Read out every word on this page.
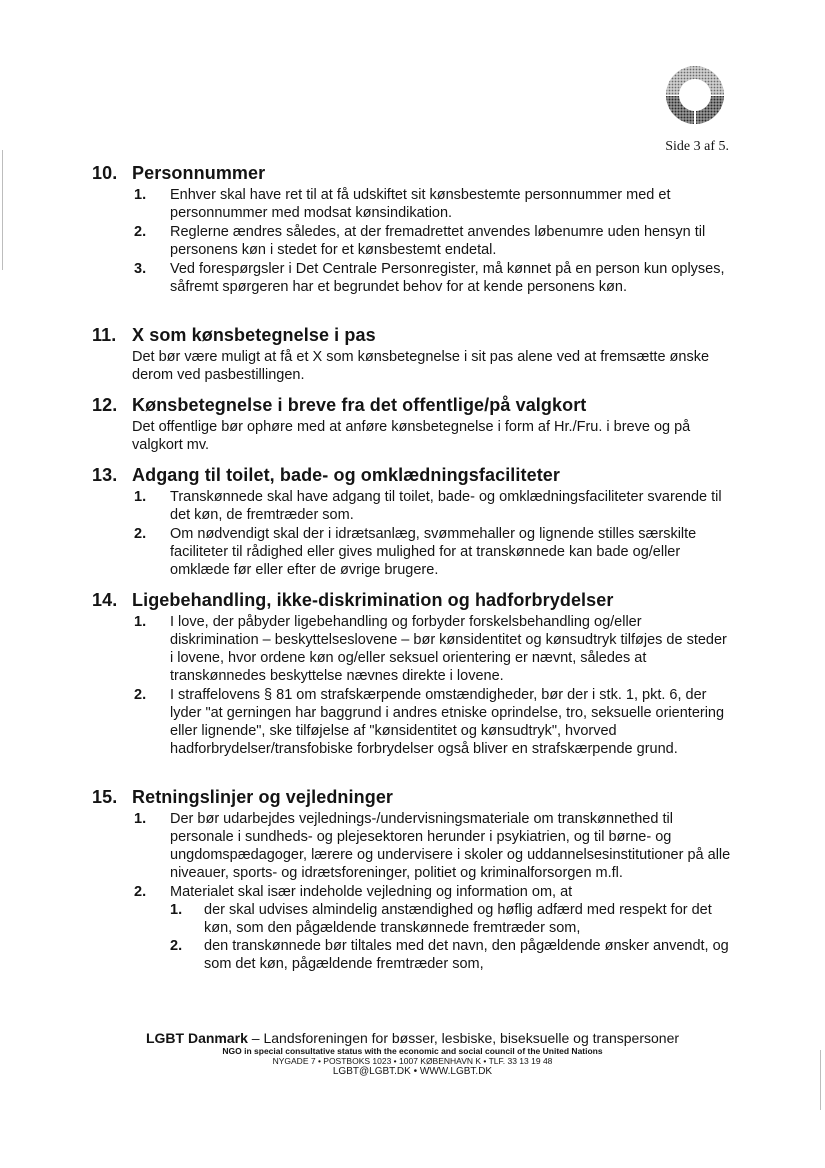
Side 3 af 5.
10. Personnummer
1. Enhver skal have ret til at få udskiftet sit kønsbestemte personnummer med et personnummer med modsat kønsindikation.
2. Reglerne ændres således, at der fremadrettet anvendes løbenumre uden hensyn til personens køn i stedet for et kønsbestemt endetal.
3. Ved forespørgsler i Det Centrale Personregister, må kønnet på en person kun oplyses, såfremt spørgeren har et begrundet behov for at kende personens køn.
11. X som kønsbetegnelse i pas

Det bør være muligt at få et X som kønsbetegnelse i sit pas alene ved at fremsætte ønske derom ved pasbestillingen.

12. Kønsbetegnelse i breve fra det offentlige/på valgkort

Det offentlige bør ophøre med at anføre kønsbetegnelse i form af Hr./Fru. i breve og på valgkort mv.

13. Adgang til toilet, bade- og omklædningsfaciliteter
1. Transkønnede skal have adgang til toilet, bade- og omklædningsfaciliteter svarende til det køn, de fremtræder som.
2. Om nødvendigt skal der i idrætsanlæg, svømmehaller og lignende stilles særskilte faciliteter til rådighed eller gives mulighed for at transkønnede kan bade og/eller omklæde før eller efter de øvrige brugere.
14. Ligebehandling, ikke-diskrimination og hadforbrydelser
1. I love, der påbyder ligebehandling og forbyder forskelsbehandling og/eller diskrimination – beskyttelseslovene – bør kønsidentitet og kønsudtryk tilføjes de steder i lovene, hvor ordene køn og/eller seksuel orientering er nævnt, således at transkønnedes beskyttelse nævnes direkte i lovene.
2. I straffelovens § 81 om strafskærpende omstændigheder, bør der i stk. 1, pkt. 6, der lyder "at gerningen har baggrund i andres etniske oprindelse, tro, seksuelle orientering eller lignende", ske tilføjelse af "kønsidentitet og kønsudtryk", hvorved hadforbrydelser/transfobiske forbrydelser også bliver en strafskærpende grund.
15. Retningslinjer og vejledninger
1. Der bør udarbejdes vejlednings-/undervisningsmateriale om transkønnethed til personale i sundheds- og plejesektoren herunder i psykiatrien, og til børne- og ungdomspædagoger, lærere og undervisere i skoler og uddannelsesinstitutioner på alle niveauer, sports- og idrætsforeninger, politiet og kriminalforsorgen m.fl.
2. Materialet skal især indeholde vejledning og information om, at
1. der skal udvises almindelig anstændighed og høflig adfærd med respekt for det køn, som den pågældende transkønnede fremtræder som,
2. den transkønnede bør tiltales med det navn, den pågældende ønsker anvendt, og som det køn, pågældende fremtræder som,
LGBT Danmark – Landsforeningen for bøsser, lesbiske, biseksuelle og transpersoner
NGO in special consultative status with the economic and social council of the United Nations
NYGADE 7 • POSTBOKS 1023 • 1007 KØBENHAVN K • TLF. 33 13 19 48
LGBT@LGBT.DK • WWW.LGBT.DK
